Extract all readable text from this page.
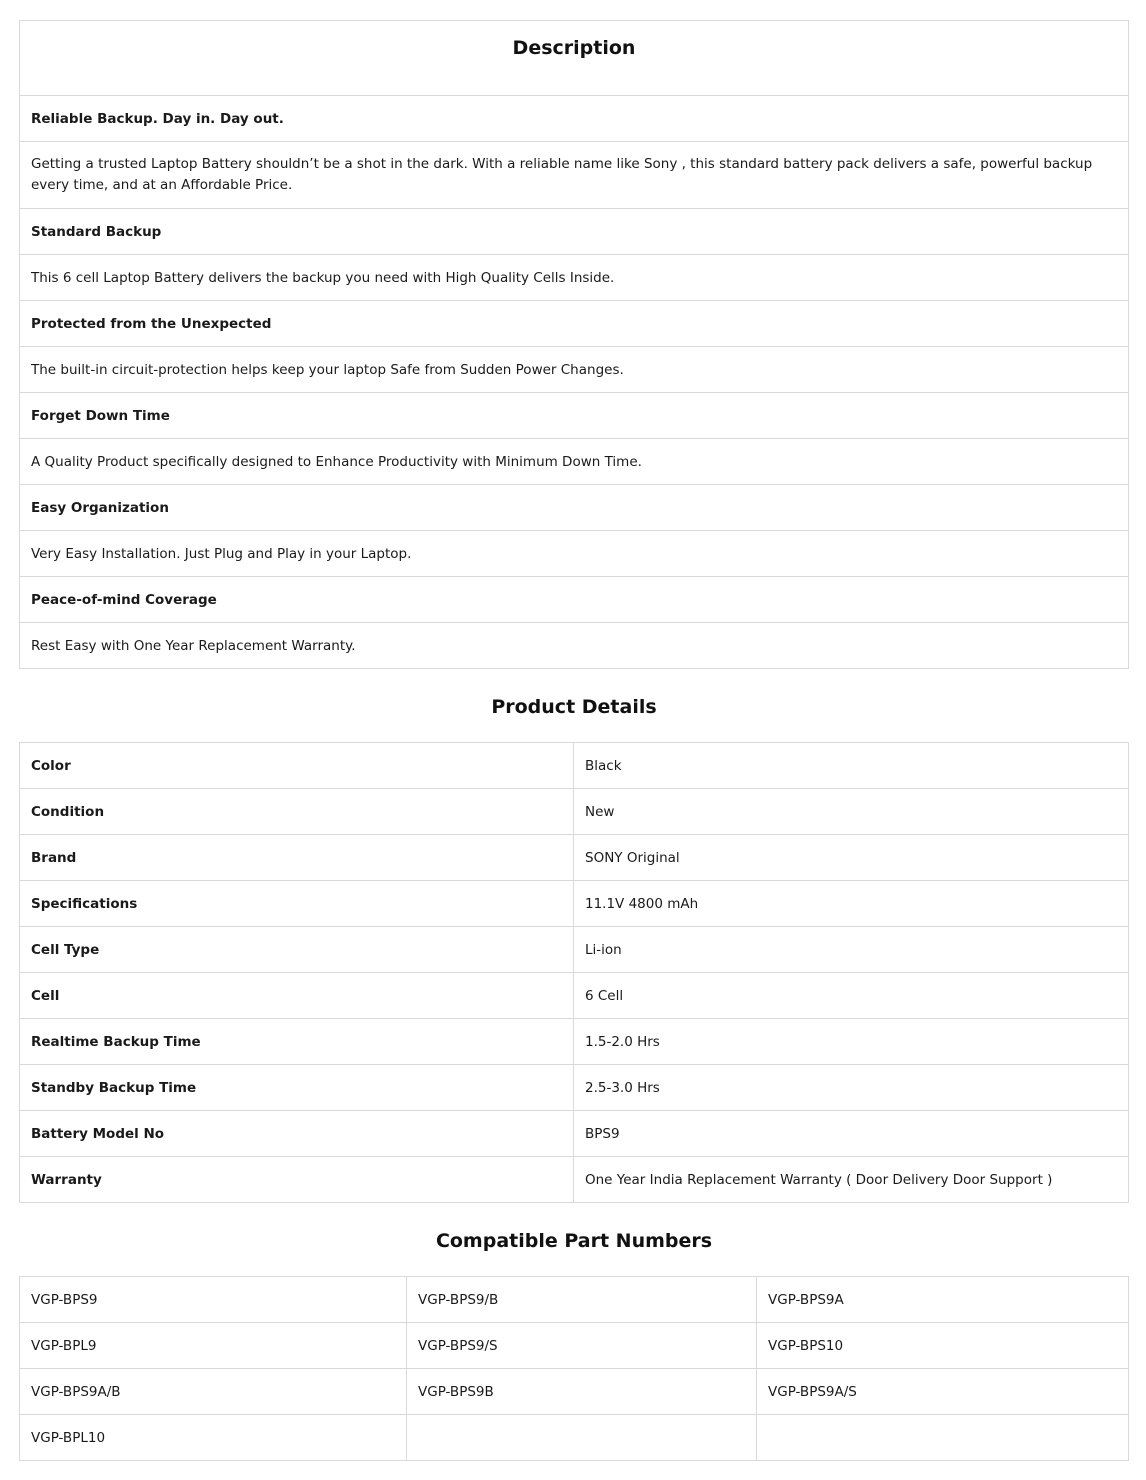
Description
Reliable Backup. Day in. Day out.
Getting a trusted Laptop Battery shouldn’t be a shot in the dark. With a reliable name like Sony , this standard battery pack delivers a safe, powerful backup every time, and at an Affordable Price.
Standard Backup
This 6 cell Laptop Battery delivers the backup you need with High Quality Cells Inside.
Protected from the Unexpected
The built-in circuit-protection helps keep your laptop Safe from Sudden Power Changes.
Forget Down Time
A Quality Product specifically designed to Enhance Productivity with Minimum Down Time.
Easy Organization
Very Easy Installation. Just Plug and Play in your Laptop.
Peace-of-mind Coverage
Rest Easy with One Year Replacement Warranty.
Product Details
Color	Black
Condition	New
Brand	SONY Original
Specifications	11.1V 4800 mAh
Cell Type	Li-ion
Cell	6 Cell
Realtime Backup Time	1.5-2.0 Hrs
Standby Backup Time	2.5-3.0 Hrs
Battery Model No	BPS9
Warranty	One Year India Replacement Warranty ( Door Delivery Door Support )
Compatible Part Numbers
VGP-BPS9	VGP-BPS9/B	VGP-BPS9A
VGP-BPL9	VGP-BPS9/S	VGP-BPS10
VGP-BPS9A/B	VGP-BPS9B	VGP-BPS9A/S
VGP-BPL10		
